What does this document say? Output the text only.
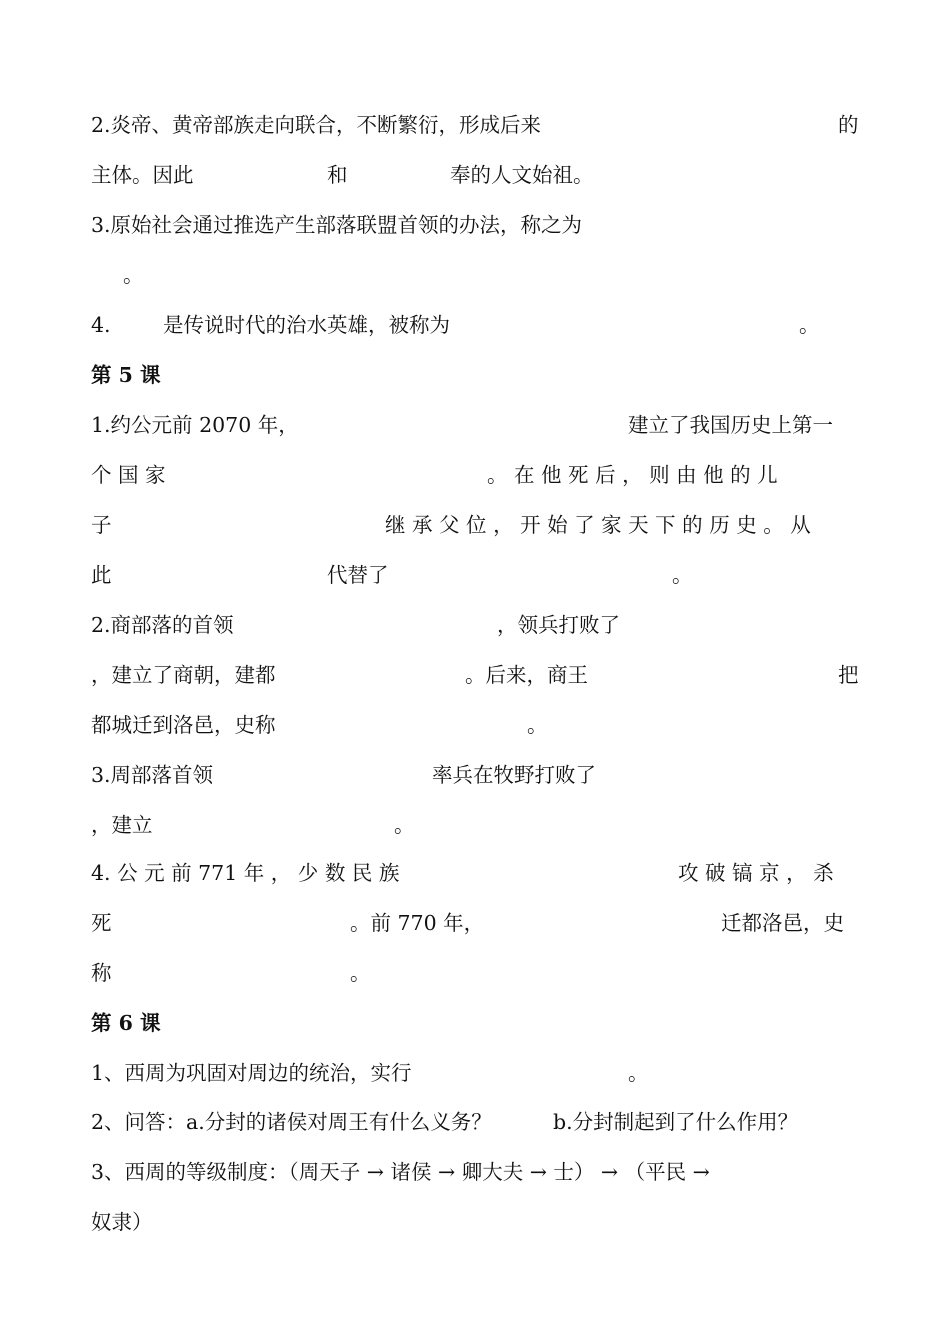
2.炎帝、黄帝部族走向联合，不断繁衍，形成后来	的
主体。因此	和	奉的人文始祖。
3.原始社会通过推选产生部落联盟首领的办法，称之为
。
4.	是传说时代的治水英雄，被称为	。
第 5 课
1.约公元前 2070 年，	建立了我国历史上第一
个 国 家	。 在 他 死 后 ， 则 由 他 的 儿
子	继 承 父 位 ， 开 始 了 家 天 下 的 历 史 。 从
此	代替了	。
2.商部落的首领	，领兵打败了
，建立了商朝，建都	。后来，商王	把
都城迁到洛邑，史称	。
3.周部落首领	率兵在牧野打败了
，建立	。
4. 公 元 前 771 年 ， 少 数 民 族	攻 破 镐 京 ， 杀
死	。前 770 年，	迁都洛邑，史
称	。
第 6 课
1、西周为巩固对周边的统治，实行	。
2、问答：a.分封的诸侯对周王有什么义务？	b.分封制起到了什么作用？
3、西周的等级制度：（周天子 → 诸侯 → 卿大夫 → 士） → （平民 →
奴隶）
